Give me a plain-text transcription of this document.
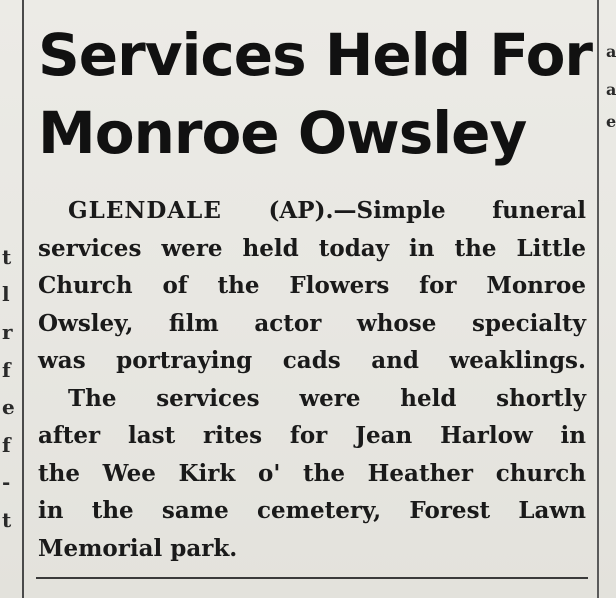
t
l
r
f
e
f
-
t
a
a
e
Services Held For
Monroe Owsley
GLENDALE (AP).—Simple funeral
services were held today in the Little
Church of the Flowers for Monroe
Owsley, film actor whose specialty
was portraying cads and weaklings.
The services were held shortly
after last rites for Jean Harlow in
the Wee Kirk o' the Heather church
in the same cemetery, Forest Lawn
Memorial park.
